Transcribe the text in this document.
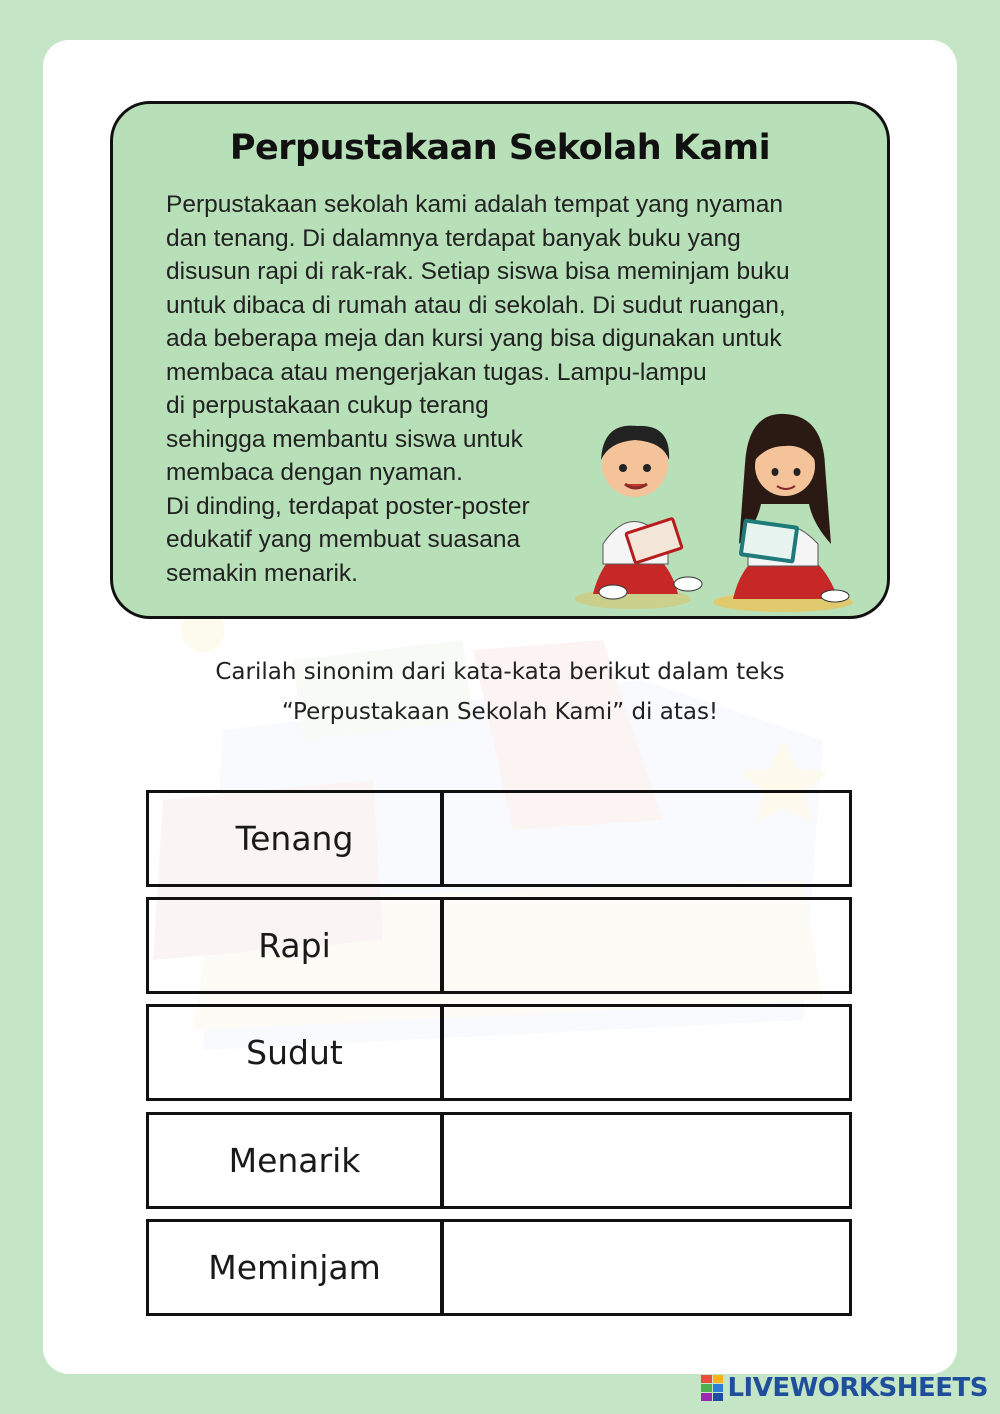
Perpustakaan Sekolah Kami
Perpustakaan sekolah kami adalah tempat yang nyaman
dan tenang. Di dalamnya terdapat banyak buku yang
disusun rapi di rak-rak. Setiap siswa bisa meminjam buku
untuk dibaca di rumah atau di sekolah. Di sudut ruangan,
ada beberapa meja dan kursi yang bisa digunakan untuk
membaca atau mengerjakan tugas. Lampu-lampu
di perpustakaan cukup terang
sehingga membantu siswa untuk
membaca dengan nyaman.
Di dinding, terdapat poster-poster
edukatif yang membuat suasana
semakin menarik.
Carilah sinonim dari kata-kata berikut dalam teks
“Perpustakaan Sekolah Kami” di atas!
Tenang
Rapi
Sudut
Menarik
Meminjam
LIVEWORKSHEETS
